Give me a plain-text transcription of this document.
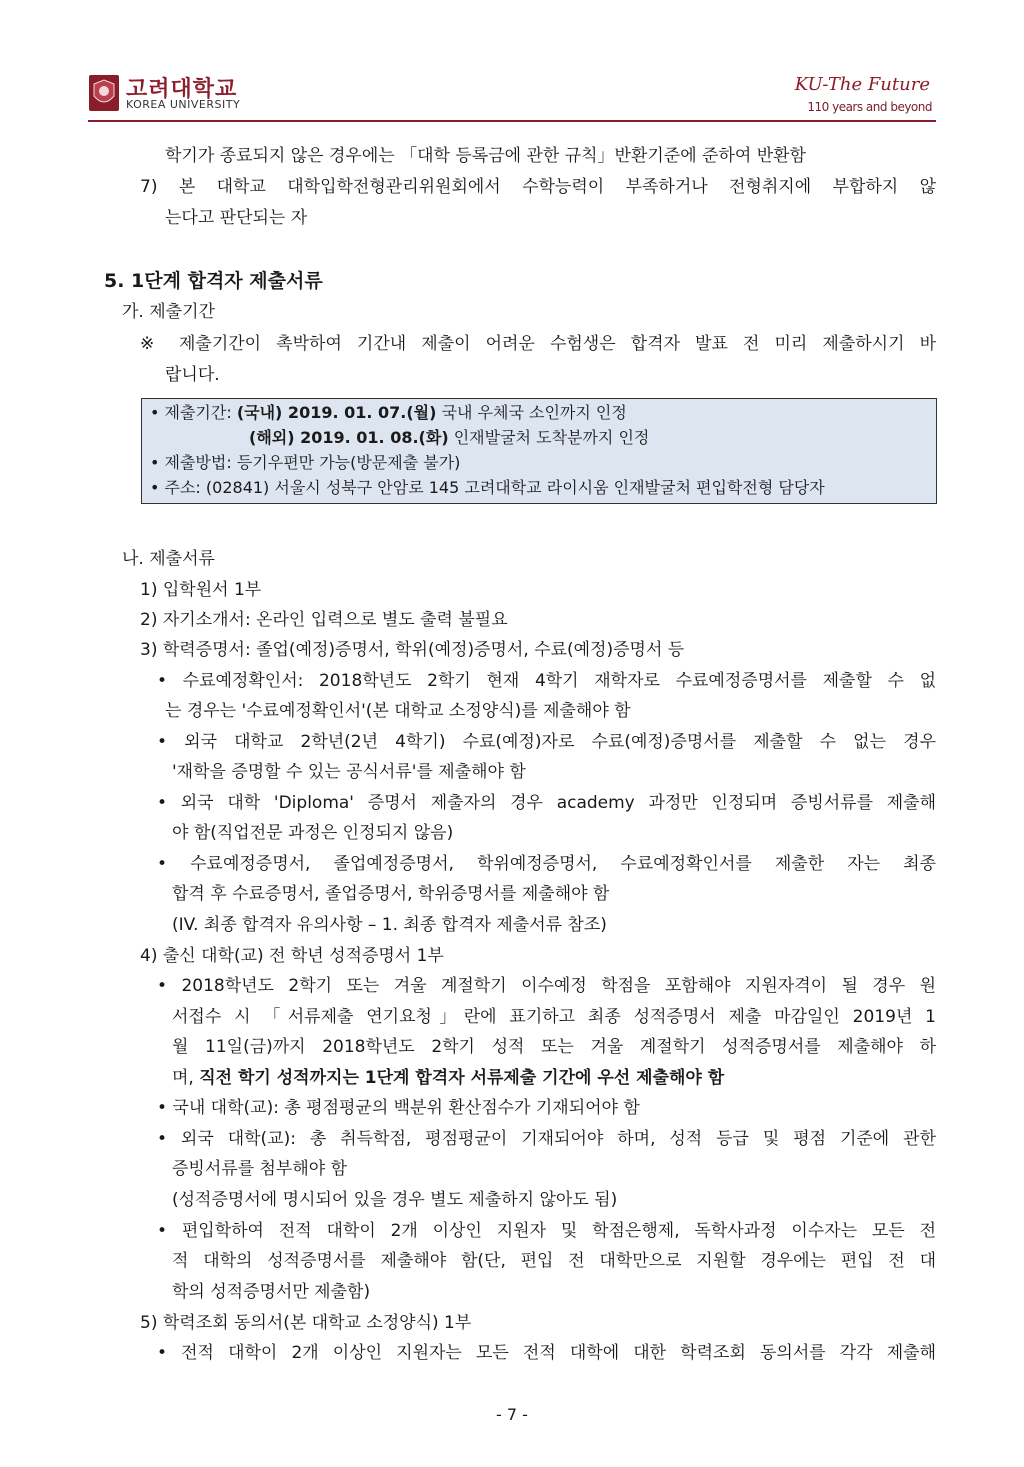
고려대학교
KOREA UNIVERSITY
KU-The Future
110 years and beyond
학기가 종료되지 않은 경우에는 「대학 등록금에 관한 규칙」반환기준에 준하여 반환함
7) 본 대학교 대학입학전형관리위원회에서 수학능력이 부족하거나 전형취지에 부합하지 않
는다고 판단되는 자
5. 1단계 합격자 제출서류
가. 제출기간
※ 제출기간이 촉박하여 기간내 제출이 어려운 수험생은 합격자 발표 전 미리 제출하시기 바
랍니다.
• 제출기간: (국내) 2019. 01. 07.(월) 국내 우체국 소인까지 인정
(해외) 2019. 01. 08.(화) 인재발굴처 도착분까지 인정
• 제출방법: 등기우편만 가능(방문제출 불가)
• 주소: (02841) 서울시 성북구 안암로 145 고려대학교 라이시움 인재발굴처 편입학전형 담당자
나. 제출서류
1) 입학원서 1부
2) 자기소개서: 온라인 입력으로 별도 출력 불필요
3) 학력증명서: 졸업(예정)증명서, 학위(예정)증명서, 수료(예정)증명서 등
• 수료예정확인서: 2018학년도 2학기 현재 4학기 재학자로 수료예정증명서를 제출할 수 없
는 경우는 '수료예정확인서'(본 대학교 소정양식)를 제출해야 함
• 외국 대학교 2학년(2년 4학기) 수료(예정)자로 수료(예정)증명서를 제출할 수 없는 경우
'재학을 증명할 수 있는 공식서류'를 제출해야 함
• 외국 대학 'Diploma' 증명서 제출자의 경우 academy 과정만 인정되며 증빙서류를 제출해
야 함(직업전문 과정은 인정되지 않음)
• 수료예정증명서, 졸업예정증명서, 학위예정증명서, 수료예정확인서를 제출한 자는 최종
합격 후 수료증명서, 졸업증명서, 학위증명서를 제출해야 함
(IV. 최종 합격자 유의사항 – 1. 최종 합격자 제출서류 참조)
4) 출신 대학(교) 전 학년 성적증명서 1부
• 2018학년도 2학기 또는 겨울 계절학기 이수예정 학점을 포함해야 지원자격이 될 경우 원
서접수 시 「서류제출 연기요청」란에 표기하고 최종 성적증명서 제출 마감일인 2019년 1
월 11일(금)까지 2018학년도 2학기 성적 또는 겨울 계절학기 성적증명서를 제출해야 하
며, 직전 학기 성적까지는 1단계 합격자 서류제출 기간에 우선 제출해야 함
• 국내 대학(교): 총 평점평균의 백분위 환산점수가 기재되어야 함
• 외국 대학(교): 총 취득학점, 평점평균이 기재되어야 하며, 성적 등급 및 평점 기준에 관한
증빙서류를 첨부해야 함
(성적증명서에 명시되어 있을 경우 별도 제출하지 않아도 됨)
• 편입학하여 전적 대학이 2개 이상인 지원자 및 학점은행제, 독학사과정 이수자는 모든 전
적 대학의 성적증명서를 제출해야 함(단, 편입 전 대학만으로 지원할 경우에는 편입 전 대
학의 성적증명서만 제출함)
5) 학력조회 동의서(본 대학교 소정양식) 1부
• 전적 대학이 2개 이상인 지원자는 모든 전적 대학에 대한 학력조회 동의서를 각각 제출해
- 7 -
